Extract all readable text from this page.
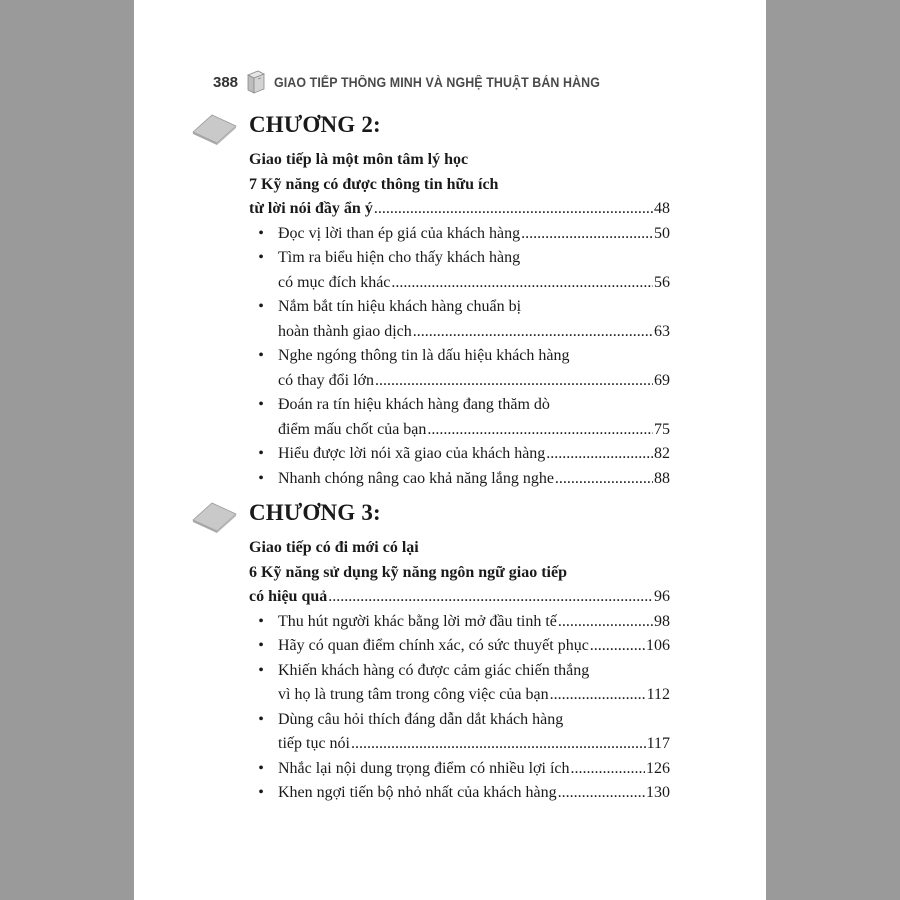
388	GIAO TIẾP THÔNG MINH VÀ NGHỆ THUẬT BÁN HÀNG
CHƯƠNG 2:
Giao tiếp là một môn tâm lý học
7 Kỹ năng có được thông tin hữu ích
từ lời nói đầy ẩn ý .....	48
• Đọc vị lời than ép giá của khách hàng .....	50
• Tìm ra biểu hiện cho thấy khách hàng
có mục đích khác .....	56
• Nắm bắt tín hiệu khách hàng chuẩn bị
hoàn thành giao dịch .....	63
• Nghe ngóng thông tin là dấu hiệu khách hàng
có thay đổi lớn .....	69
• Đoán ra tín hiệu khách hàng đang thăm dò
điểm mấu chốt của bạn .....	75
• Hiểu được lời nói xã giao của khách hàng .....	82
• Nhanh chóng nâng cao khả năng lắng nghe .....	88
CHƯƠNG 3:
Giao tiếp có đi mới có lại
6 Kỹ năng sử dụng kỹ năng ngôn ngữ giao tiếp
có hiệu quả .....	96
• Thu hút người khác bằng lời mở đầu tinh tế .....	98
• Hãy có quan điểm chính xác, có sức thuyết phục .....	106
• Khiến khách hàng có được cảm giác chiến thắng
vì họ là trung tâm trong công việc của bạn .....	112
• Dùng câu hỏi thích đáng dẫn dắt khách hàng
tiếp tục nói .....	117
• Nhắc lại nội dung trọng điểm có nhiều lợi ích .....	126
• Khen ngợi tiến bộ nhỏ nhất của khách hàng .....	130
